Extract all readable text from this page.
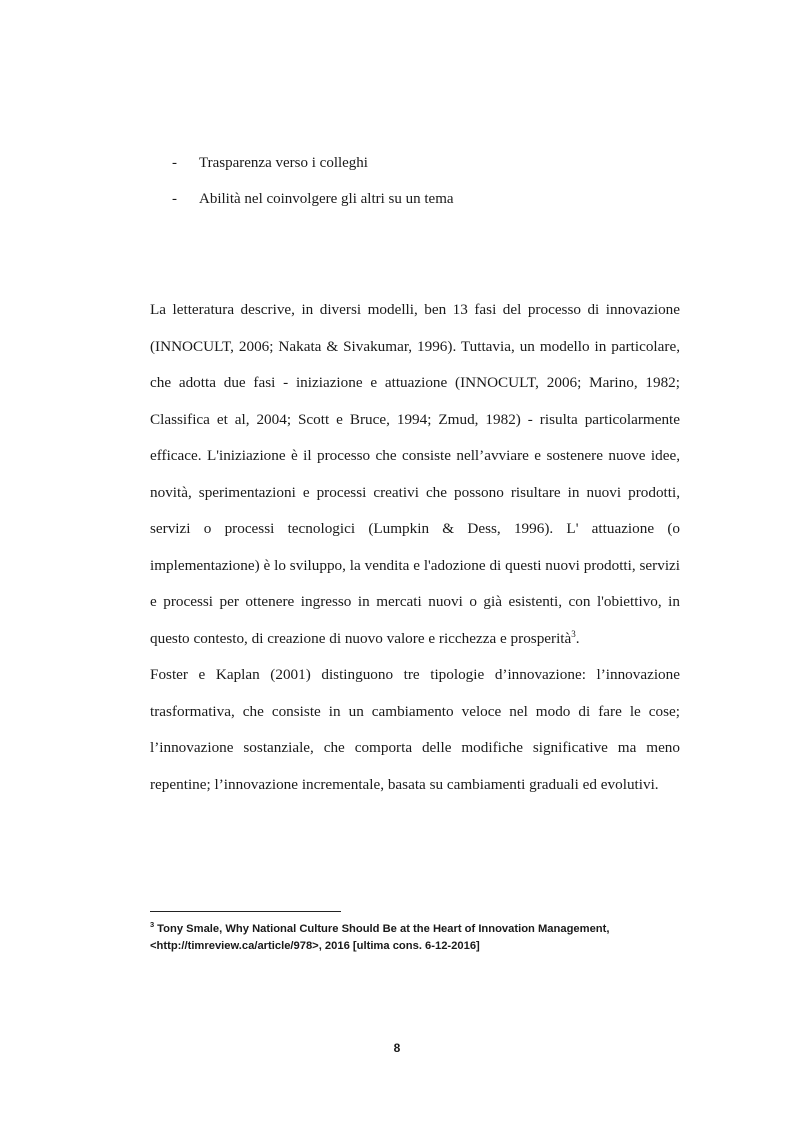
-	Trasparenza verso i colleghi
-	Abilità nel coinvolgere gli altri su un tema

La letteratura descrive, in diversi modelli, ben 13 fasi del processo di innovazione (INNOCULT, 2006; Nakata & Sivakumar, 1996). Tuttavia, un modello in particolare, che adotta due fasi - iniziazione e attuazione (INNOCULT, 2006; Marino, 1982; Classifica et al, 2004; Scott e Bruce, 1994; Zmud, 1982) - risulta particolarmente efficace. L'iniziazione è il processo che consiste nell’avviare e sostenere nuove idee, novità, sperimentazioni e processi creativi che possono risultare in nuovi prodotti, servizi o processi tecnologici (Lumpkin & Dess, 1996). L' attuazione (o implementazione) è lo sviluppo, la vendita e l'adozione di questi nuovi prodotti, servizi e processi per ottenere ingresso in mercati nuovi o già esistenti, con l'obiettivo, in questo contesto, di creazione di nuovo valore e ricchezza e prosperità$^3$.

Foster e Kaplan (2001) distinguono tre tipologie d’innovazione: l’innovazione trasformativa, che consiste in un cambiamento veloce nel modo di fare le cose; l’innovazione sostanziale, che comporta delle modifiche significative ma meno repentine; l’innovazione incrementale, basata su cambiamenti graduali ed evolutivi.

$^3$ Tony Smale, Why National Culture Should Be at the Heart of Innovation Management,
<http://timreview.ca/article/978>, 2016 [ultima cons. 6-12-2016]
8
